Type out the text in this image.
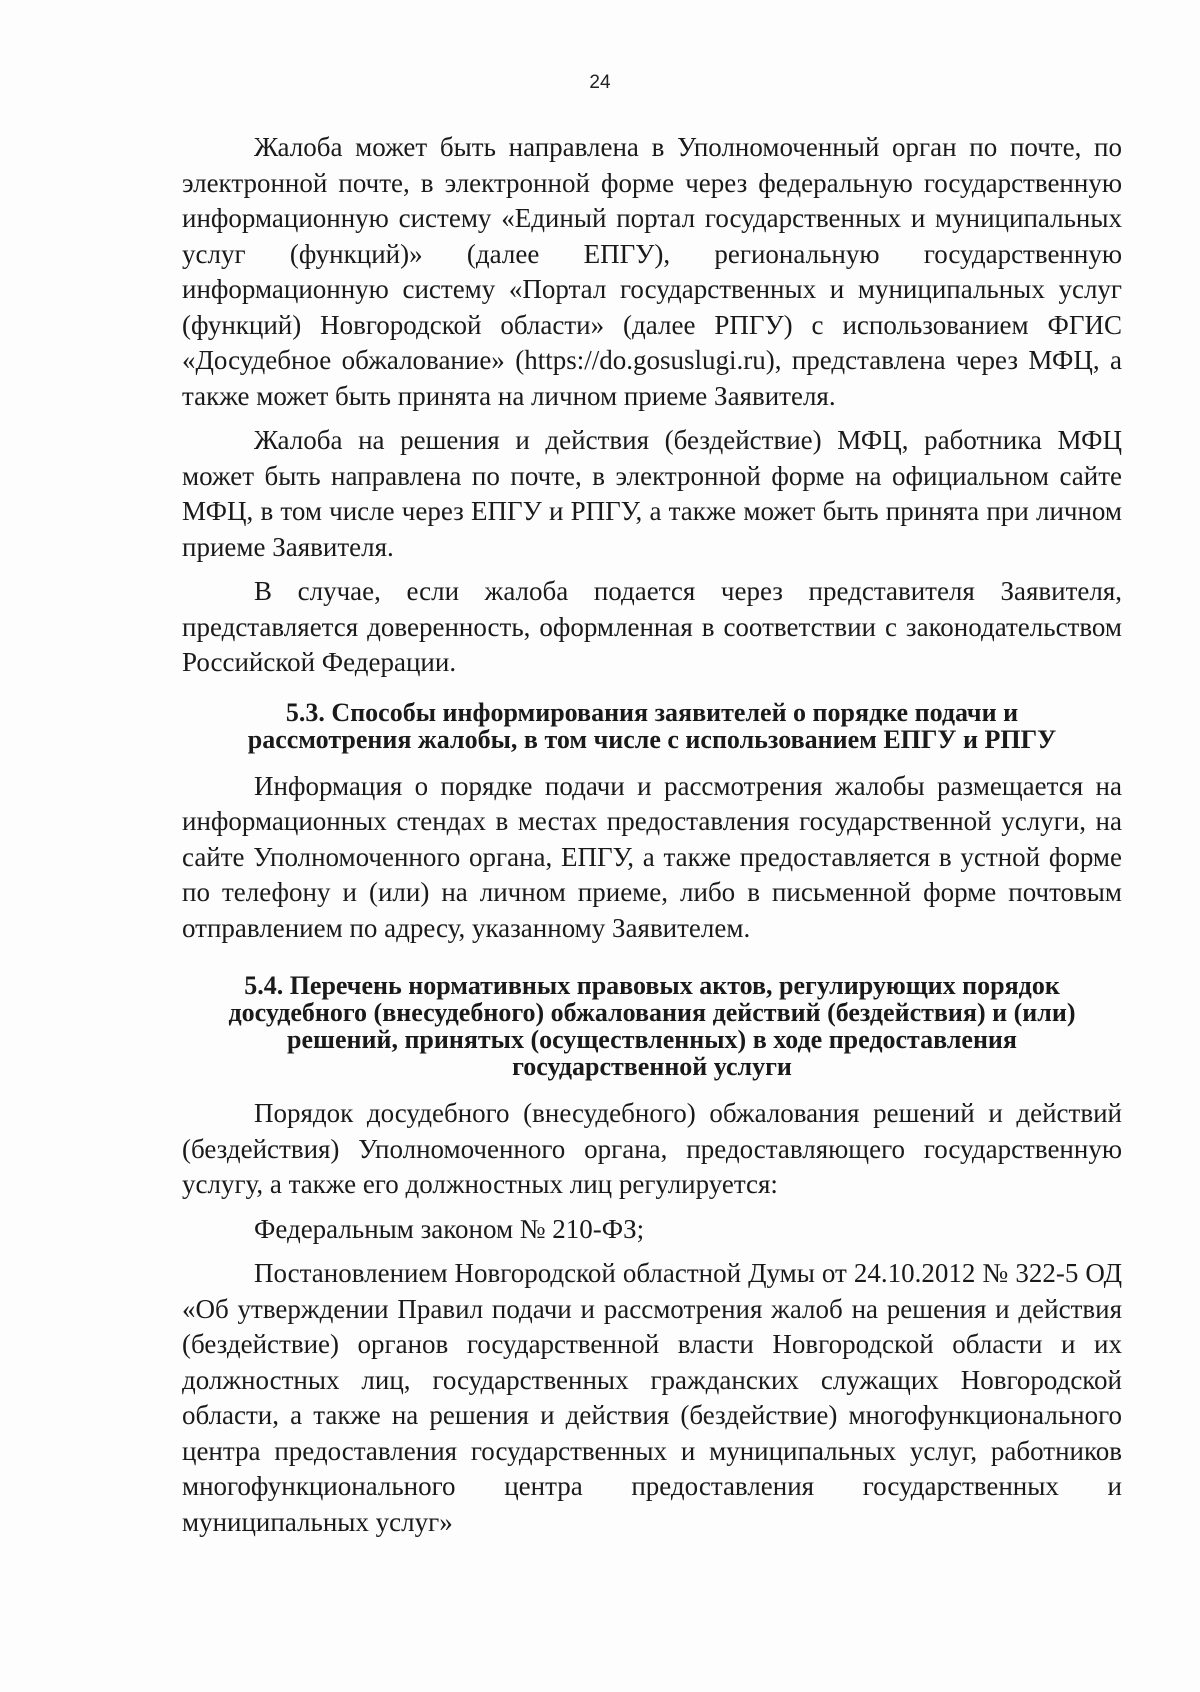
24

Жалоба может быть направлена в Уполномоченный орган по почте, по электронной почте, в электронной форме через федеральную государственную информационную систему «Единый портал государственных и муниципальных услуг (функций)» (далее ЕПГУ), региональную государственную информационную систему «Портал государственных и муниципальных услуг (функций) Новгородской области» (далее РПГУ) с использованием ФГИС «Досудебное обжалование» (https://do.gosuslugi.ru), представлена через МФЦ, а также может быть принята на личном приеме Заявителя.

Жалоба на решения и действия (бездействие) МФЦ, работника МФЦ может быть направлена по почте, в электронной форме на официальном сайте МФЦ, в том числе через ЕПГУ и РПГУ, а также может быть принята при личном приеме Заявителя.

В случае, если жалоба подается через представителя Заявителя, представляется доверенность, оформленная в соответствии с законодательством Российской Федерации.

5.3. Способы информирования заявителей о порядке подачи и
рассмотрения жалобы, в том числе с использованием ЕПГУ и РПГУ

Информация о порядке подачи и рассмотрения жалобы размещается на информационных стендах в местах предоставления государственной услуги, на сайте Уполномоченного органа, ЕПГУ, а также предоставляется в устной форме по телефону и (или) на личном приеме, либо в письменной форме почтовым отправлением по адресу, указанному Заявителем.

5.4. Перечень нормативных правовых актов, регулирующих порядок
досудебного (внесудебного) обжалования действий (бездействия) и (или)
решений, принятых (осуществленных) в ходе предоставления
государственной услуги

Порядок досудебного (внесудебного) обжалования решений и действий (бездействия) Уполномоченного органа, предоставляющего государственную услугу, а также его должностных лиц регулируется:

Федеральным законом № 210-ФЗ;

Постановлением Новгородской областной Думы от 24.10.2012 № 322-5 ОД «Об утверждении Правил подачи и рассмотрения жалоб на решения и действия (бездействие) органов государственной власти Новгородской области и их должностных лиц, государственных гражданских служащих Новгородской области, а также на решения и действия (бездействие) многофункционального центра предоставления государственных и муниципальных услуг, работников многофункционального центра предоставления государственных и муниципальных услуг»
